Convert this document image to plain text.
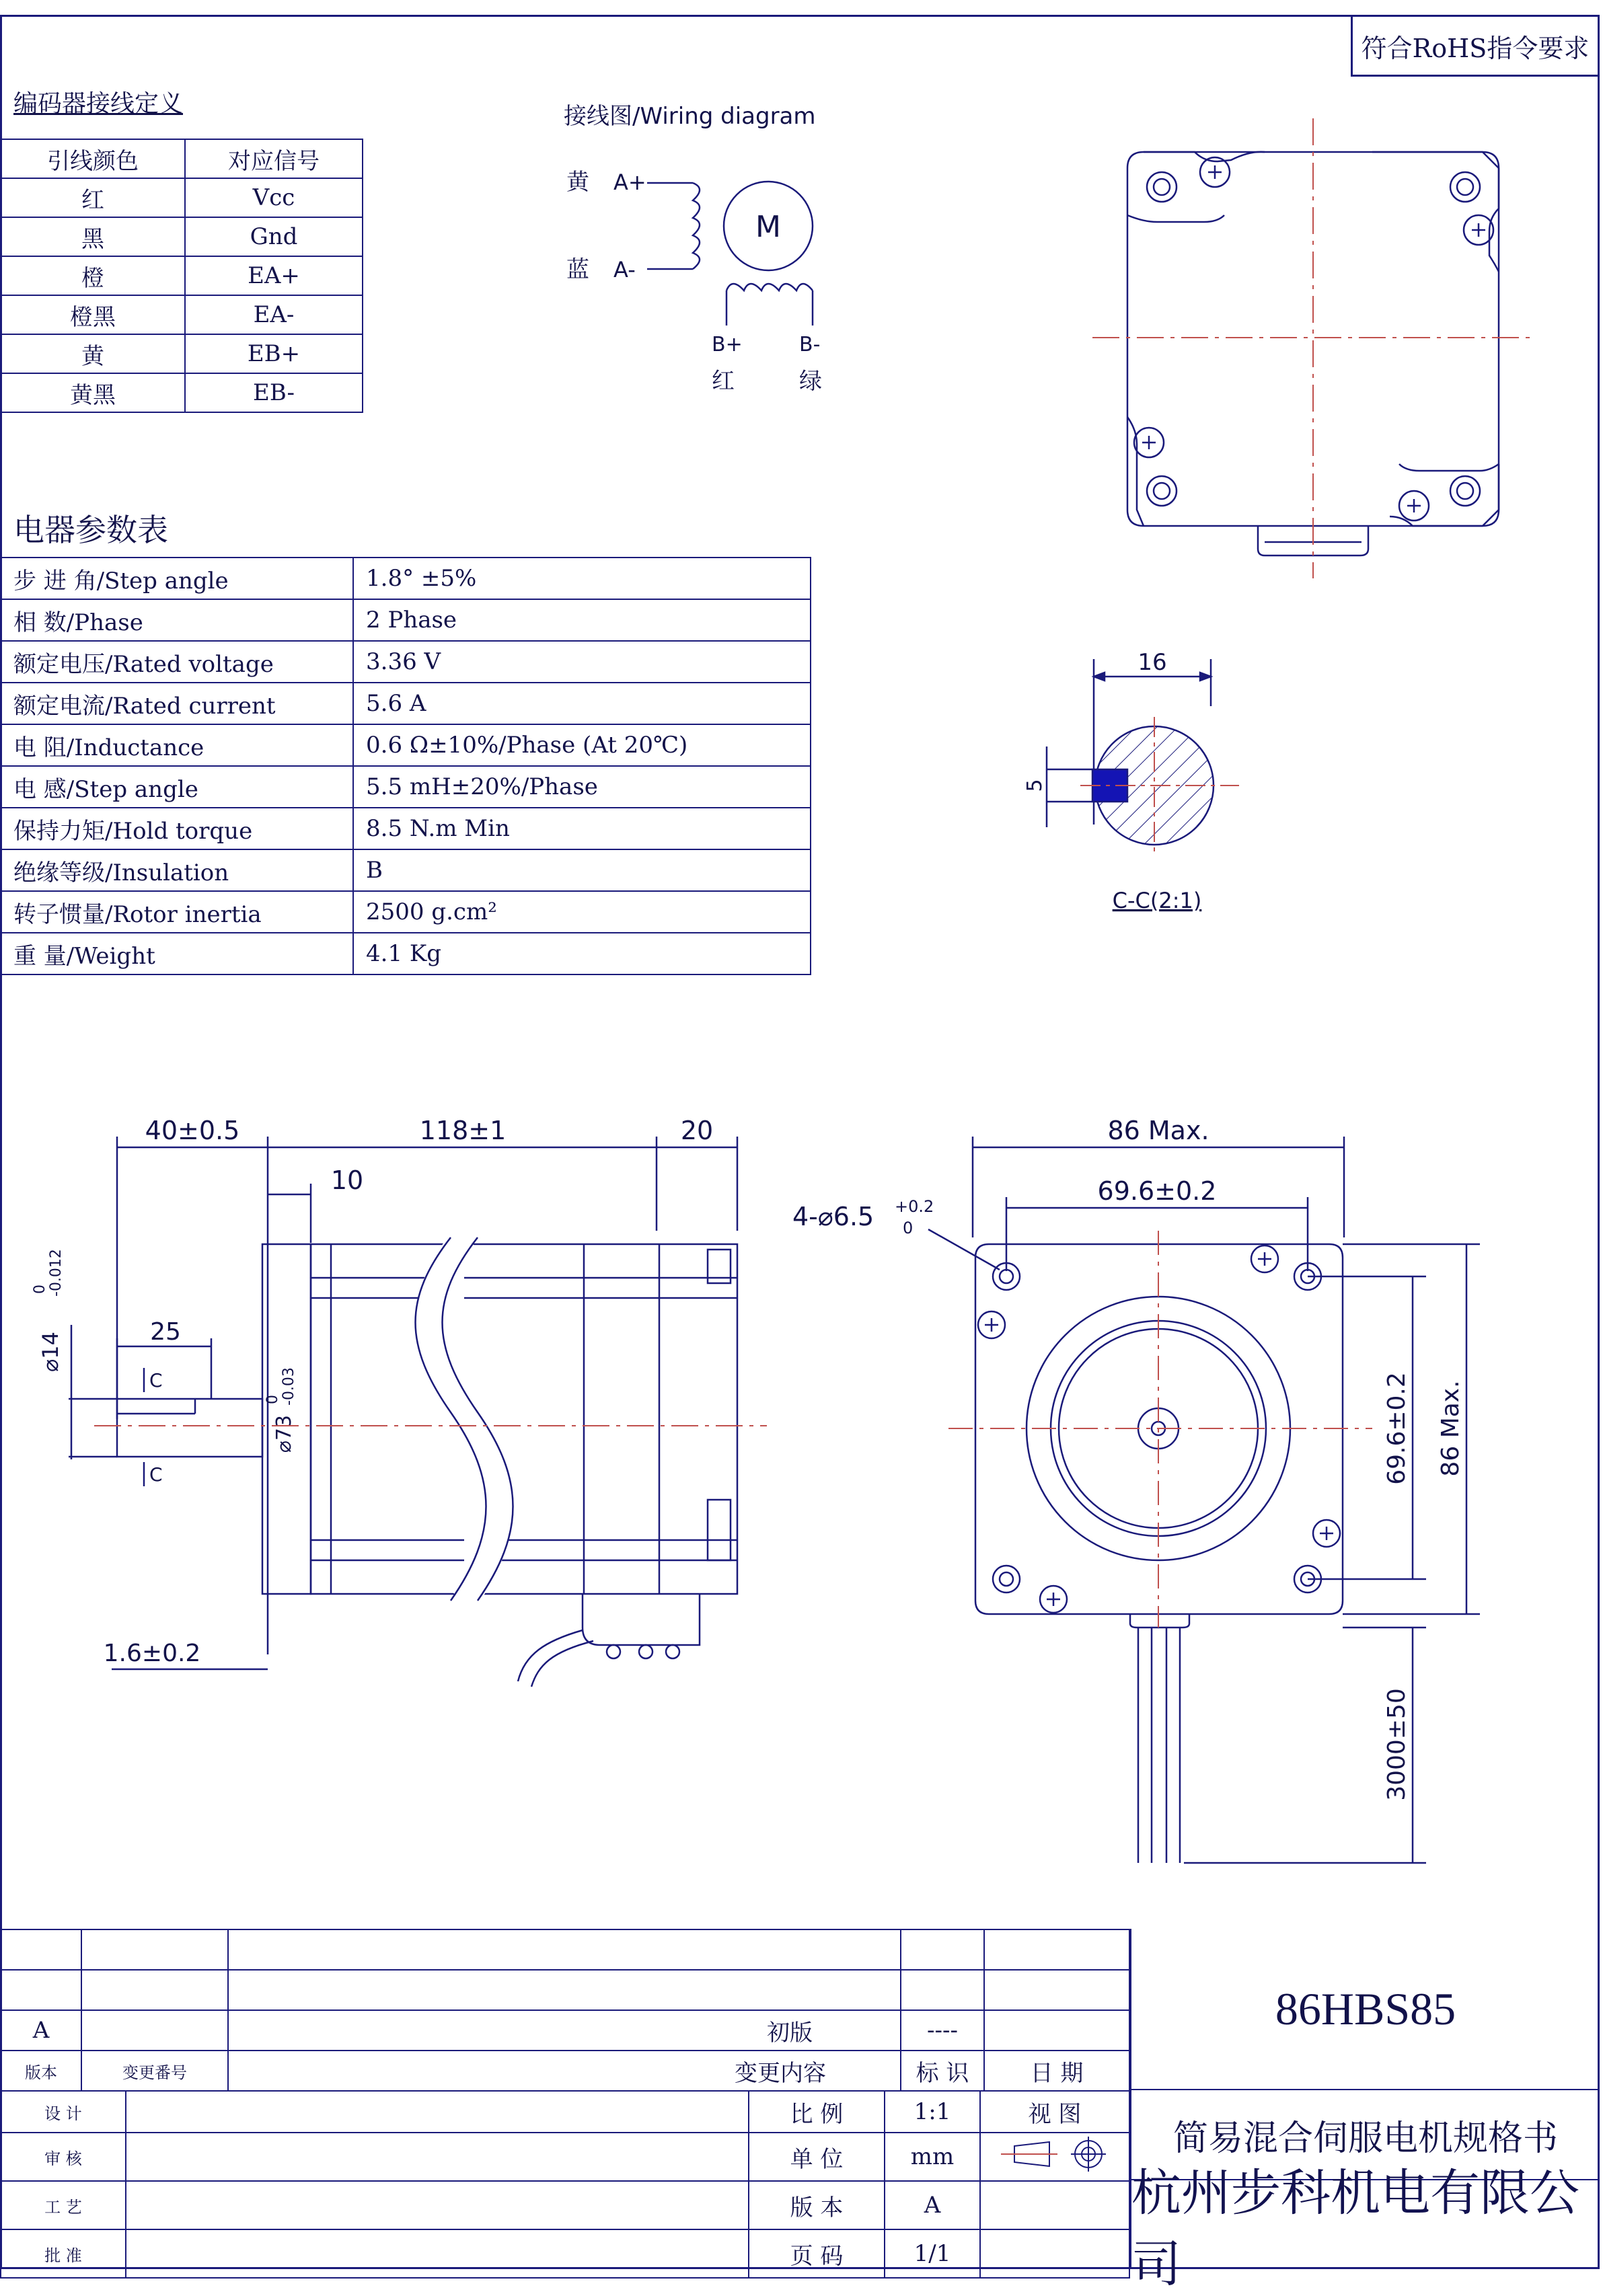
符合RoHS指令要求
编码器接线定义
引线颜色	对应信号
红	Vcc
黑	Gnd
橙	EA+
橙黑	EA-
黄	EB+
黄黑	EB-
电器参数表
步 进 角/Step angle	1.8° ±5%
相 数/Phase	2 Phase
额定电压/Rated voltage	3.36 V
额定电流/Rated current	5.6 A
电 阻/Inductance	0.6 Ω±10%/Phase (At 20℃)
电 感/Step angle	5.5 mH±20%/Phase
保持力矩/Hold torque	8.5 N.m Min
绝缘等级/Insulation	B
转子惯量/Rotor inertia	2500 g.cm²
重 量/Weight	4.1 Kg
接线图/Wiring diagram
黄 A+
蓝 A-
M
B+	B-
红	绿
16
5
C-C(2:1)
40±0.5	118±1	20
10
⌀14
0 -0.012
25
C
C
⌀73
0 -0.03
1.6±0.2
86 Max.
69.6±0.2
4-⌀6.5 +0.2
0
69.6±0.2 86 Max.
3000±50

A		初版	----	
版本	变更番号	变更内容	标 识	日 期
设 计		比 例	1:1	视 图
审 核		单 位	mm	
工 艺		版 本	A	
批 准		页 码	1/1	
86HBS85
简易混合伺服电机规格书
杭州步科机电有限公司
